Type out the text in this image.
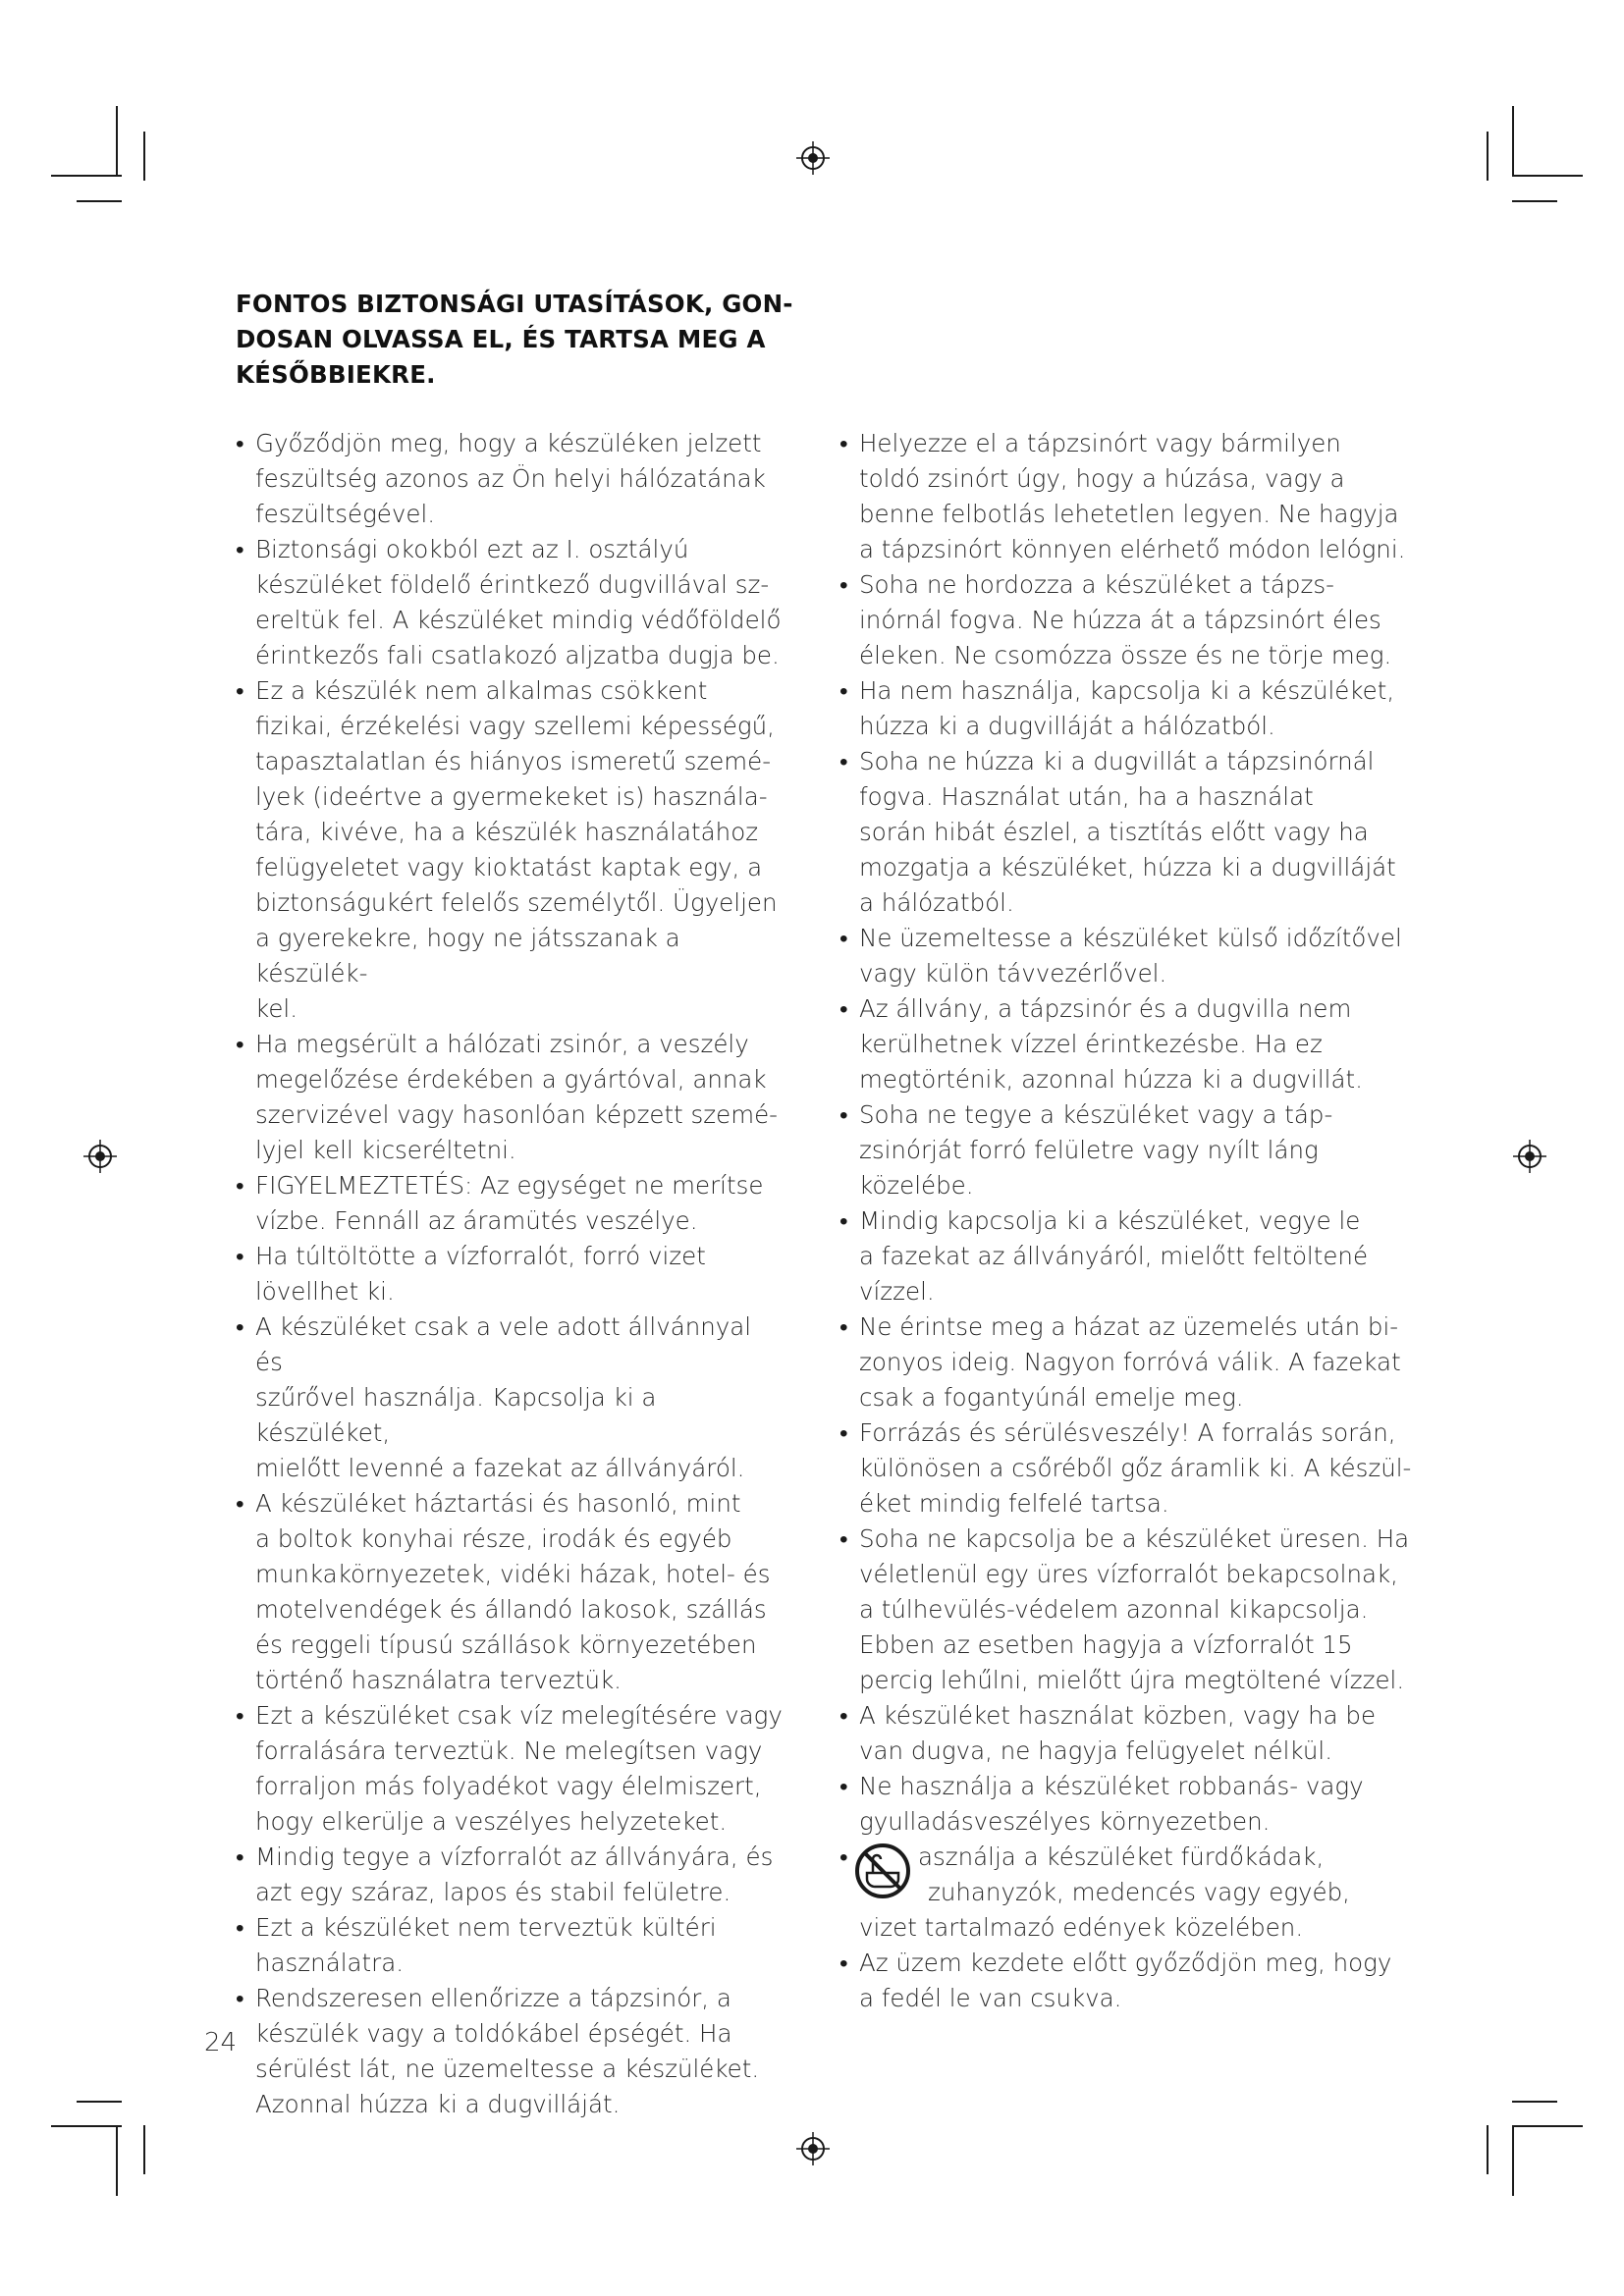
FONTOS BIZTONSÁGI UTASÍTÁSOK, GON-
DOSAN OLVASSA EL, ÉS TARTSA MEG A
KÉSŐBBIEKRE.
• Győződjön meg, hogy a készüléken jelzett
feszültség azonos az Ön helyi hálózatának
feszültségével.
• Biztonsági okokból ezt az I. osztályú
készüléket földelő érintkező dugvillával sz-
ereltük fel. A készüléket mindig védőföldelő
érintkezős fali csatlakozó aljzatba dugja be.
• Ez a készülék nem alkalmas csökkent
fizikai, érzékelési vagy szellemi képességű,
tapasztalatlan és hiányos ismeretű szemé-
lyek (ideértve a gyermekeket is) használa-
tára, kivéve, ha a készülék használatához
felügyeletet vagy kioktatást kaptak egy, a
biztonságukért felelős személytől. Ügyeljen
a gyerekekre, hogy ne játsszanak a készülék-
kel.
• Ha megsérült a hálózati zsinór, a veszély
megelőzése érdekében a gyártóval, annak
szervizével vagy hasonlóan képzett szemé-
lyjel kell kicseréltetni.
• FIGYELMEZTETÉS: Az egységet ne merítse
vízbe. Fennáll az áramütés veszélye.
• Ha túltöltötte a vízforralót, forró vizet
lövellhet ki.
• A készüléket csak a vele adott állvánnyal és
szűrővel használja. Kapcsolja ki a készüléket,
mielőtt levenné a fazekat az állványáról.
• A készüléket háztartási és hasonló, mint
a boltok konyhai része, irodák és egyéb
munkakörnyezetek, vidéki házak, hotel- és
motelvendégek és állandó lakosok, szállás
és reggeli típusú szállások környezetében
történő használatra terveztük.
• Ezt a készüléket csak víz melegítésére vagy
forralására terveztük. Ne melegítsen vagy
forraljon más folyadékot vagy élelmiszert,
hogy elkerülje a veszélyes helyzeteket.
• Mindig tegye a vízforralót az állványára, és
azt egy száraz, lapos és stabil felületre.
• Ezt a készüléket nem terveztük kültéri
használatra.
• Rendszeresen ellenőrizze a tápzsinór, a
készülék vagy a toldókábel épségét. Ha
sérülést lát, ne üzemeltesse a készüléket.
Azonnal húzza ki a dugvilláját.
• Helyezze el a tápzsinórt vagy bármilyen
toldó zsinórt úgy, hogy a húzása, vagy a
benne felbotlás lehetetlen legyen. Ne hagyja
a tápzsinórt könnyen elérhető módon lelógni.
• Soha ne hordozza a készüléket a tápzs-
inórnál fogva. Ne húzza át a tápzsinórt éles
éleken. Ne csomózza össze és ne törje meg.
• Ha nem használja, kapcsolja ki a készüléket,
húzza ki a dugvilláját a hálózatból.
• Soha ne húzza ki a dugvillát a tápzsinórnál
fogva. Használat után, ha a használat
során hibát észlel, a tisztítás előtt vagy ha
mozgatja a készüléket, húzza ki a dugvilláját
a hálózatból.
• Ne üzemeltesse a készüléket külső időzítővel
vagy külön távvezérlővel.
• Az állvány, a tápzsinór és a dugvilla nem
kerülhetnek vízzel érintkezésbe. Ha ez
megtörténik, azonnal húzza ki a dugvillát.
• Soha ne tegye a készüléket vagy a táp-
zsinórját forró felületre vagy nyílt láng
közelébe.
• Mindig kapcsolja ki a készüléket, vegye le
a fazekat az állványáról, mielőtt feltöltené
vízzel.
• Ne érintse meg a házat az üzemelés után bi-
zonyos ideig. Nagyon forróvá válik. A fazekat
csak a fogantyúnál emelje meg.
• Forrázás és sérülésveszély! A forralás során,
különösen a csőréből gőz áramlik ki. A készül-
éket mindig felfelé tartsa.
• Soha ne kapcsolja be a készüléket üresen. Ha
véletlenül egy üres vízforralót bekapcsolnak,
a túlhevülés-védelem azonnal kikapcsolja.
Ebben az esetben hagyja a vízforralót 15
percig lehűlni, mielőtt újra megtöltené vízzel.
• A készüléket használat közben, vagy ha be
van dugva, ne hagyja felügyelet nélkül.
• Ne használja a készüléket robbanás- vagy
gyulladásveszélyes környezetben.
• asználja a készüléket fürdőkádak,
zuhanyzók, medencés vagy egyéb,
vizet tartalmazó edények közelében.
• Az üzem kezdete előtt győződjön meg, hogy
a fedél le van csukva.
24
